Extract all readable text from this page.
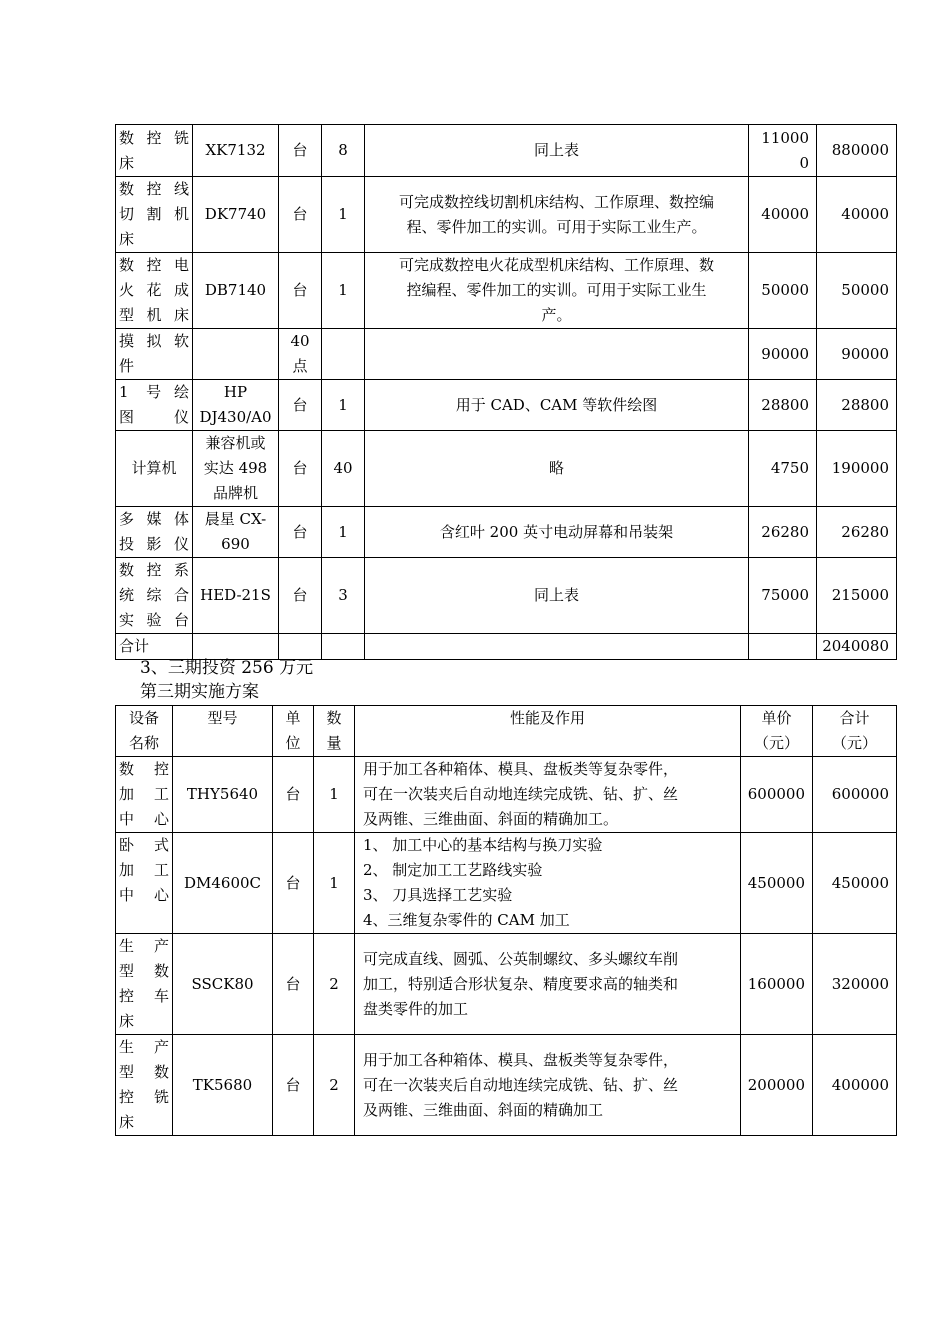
数控铣
床	XK7132	台	8	同上表	110000	880000

数控线
切割机
床	DK7740	台	1	可完成数控线切割机床结构、工作原理、数控编
程、零件加工的实训。可用于实际工业生产。	40000	40000

数控电
火花成
型机床	DB7140	台	1	可完成数控电火花成型机床结构、工作原理、数
控编程、零件加工的实训。可用于实际工业生
产。	50000	50000

摸拟软
件		40
点			90000	90000

1 号绘
图仪	HP
DJ430/A0	台	1	用于 CAD、CAM 等软件绘图	28800	28800

计算机	兼容机或
实达 498
品牌机	台	40	略	4750	190000

多媒体
投影仪	晨星 CX-
690	台	1	含红叶 200 英寸电动屏幕和吊装架	26280	26280

数控系
统综合
实验台	HED-21S	台	3	同上表	75000	215000
合计						2040080
3、三期投资 256 万元
第三期实施方案
设备
名称	型号	单
位	数
量	性能及作用	单价
（元）	合计
（元）

数控
加工
中心	THY5640	台	1	用于加工各种箱体、模具、盘板类等复杂零件，
可在一次装夹后自动地连续完成铣、钻、扩、丝
及两锥、三维曲面、斜面的精确加工。	600000	600000

卧式
加工
中心	DM4600C	台	1	1、 加工中心的基本结构与换刀实验
2、 制定加工工艺路线实验
3、 刀具选择工艺实验
4、三维复杂零件的 CAM 加工	450000	450000

生产
型数
控车
床	SSCK80	台	2	可完成直线、圆弧、公英制螺纹、多头螺纹车削
加工，特别适合形状复杂、精度要求高的轴类和
盘类零件的加工	160000	320000

生产
型数
控铣
床	TK5680	台	2	用于加工各种箱体、模具、盘板类等复杂零件，
可在一次装夹后自动地连续完成铣、钻、扩、丝
及两锥、三维曲面、斜面的精确加工	200000	400000
